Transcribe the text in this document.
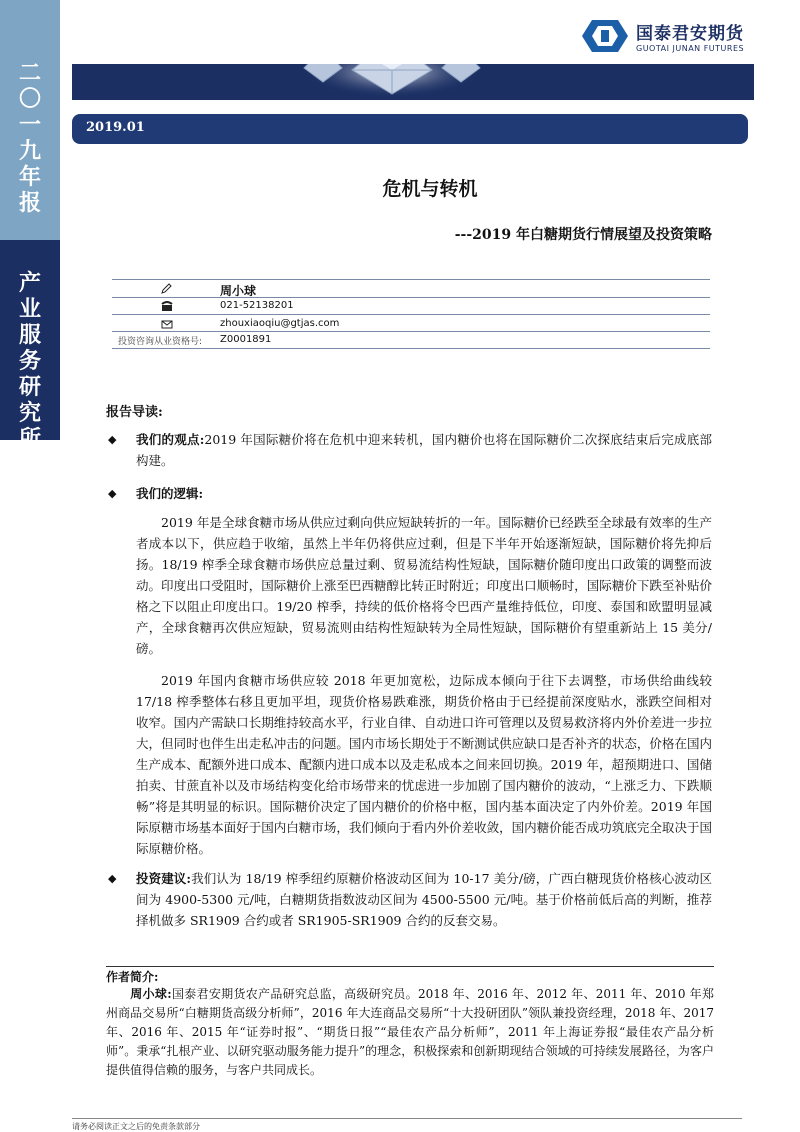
二〇一九年报
产业服务研究所
国泰君安期货
GUOTAI JUNAN FUTURES
2019.01
危机与转机
---2019 年白糖期货行情展望及投资策略
周小球
021-52138201
zhouxiaoqiu@gtjas.com
投资咨询从业资格号: Z0001891
报告导读:
◆ 我们的观点:2019 年国际糖价将在危机中迎来转机，国内糖价也将在国际糖价二次探底结束后完成底部构建。
◆ 我们的逻辑:
2019 年是全球食糖市场从供应过剩向供应短缺转折的一年。国际糖价已经跌至全球最有效率的生产者成本以下，供应趋于收缩，虽然上半年仍将供应过剩，但是下半年开始逐渐短缺，国际糖价将先抑后扬。18/19 榨季全球食糖市场供应总量过剩、贸易流结构性短缺，国际糖价随印度出口政策的调整而波动。印度出口受阻时，国际糖价上涨至巴西糖醇比转正时附近；印度出口顺畅时，国际糖价下跌至补贴价格之下以阻止印度出口。19/20 榨季，持续的低价格将令巴西产量维持低位，印度、泰国和欧盟明显减产，全球食糖再次供应短缺，贸易流则由结构性短缺转为全局性短缺，国际糖价有望重新站上 15 美分/磅。
2019 年国内食糖市场供应较 2018 年更加宽松，边际成本倾向于往下去调整，市场供给曲线较 17/18 榨季整体右移且更加平坦，现货价格易跌难涨，期货价格由于已经提前深度贴水，涨跌空间相对收窄。国内产需缺口长期维持较高水平，行业自律、自动进口许可管理以及贸易救济将内外价差进一步拉大，但同时也伴生出走私冲击的问题。国内市场长期处于不断测试供应缺口是否补齐的状态，价格在国内生产成本、配额外进口成本、配额内进口成本以及走私成本之间来回切换。2019 年，超预期进口、国储拍卖、甘蔗直补以及市场结构变化给市场带来的忧虑进一步加剧了国内糖价的波动，“上涨乏力、下跌顺畅”将是其明显的标识。国际糖价决定了国内糖价的价格中枢，国内基本面决定了内外价差。2019 年国际原糖市场基本面好于国内白糖市场，我们倾向于看内外价差收敛，国内糖价能否成功筑底完全取决于国际原糖价格。
◆ 投资建议:我们认为 18/19 榨季纽约原糖价格波动区间为 10-17 美分/磅，广西白糖现货价格核心波动区间为 4900-5300 元/吨，白糖期货指数波动区间为 4500-5500 元/吨。基于价格前低后高的判断，推荐择机做多 SR1909 合约或者 SR1905-SR1909 合约的反套交易。
作者简介:
周小球:国泰君安期货农产品研究总监，高级研究员。2018 年、2016 年、2012 年、2011 年、2010 年郑州商品交易所“白糖期货高级分析师”，2016 年大连商品交易所“十大投研团队”领队兼投资经理，2018 年、2017 年、2016 年、2015 年“证券时报”、“期货日报”“最佳农产品分析师”，2011 年上海证券报“最佳农产品分析师”。秉承“扎根产业、以研究驱动服务能力提升”的理念，积极探索和创新期现结合领域的可持续发展路径，为客户提供值得信赖的服务，与客户共同成长。
请务必阅读正文之后的免责条款部分
